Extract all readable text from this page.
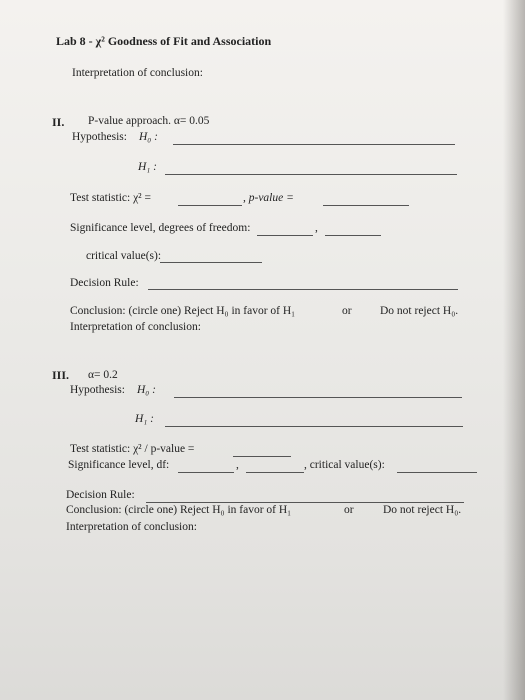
Lab 8 - χ² Goodness of Fit and Association
Interpretation of conclusion:
II. P-value approach. α= 0.05
Hypothesis: H₀ :
H₁ :
Test statistic: χ² =	, p-value =
Significance level, degrees of freedom:	,
critical value(s):
Decision Rule:
Conclusion: (circle one) Reject H₀ in favor of H₁	or Do not reject H₀.
Interpretation of conclusion:
III. α= 0.2
Hypothesis: H₀ :
H₁ :
Test statistic: χ² / p-value =
Significance level, df:	,	, critical value(s):
Decision Rule:
Conclusion: (circle one) Reject H₀ in favor of H₁	or	Do not reject H₀.
Interpretation of conclusion:
